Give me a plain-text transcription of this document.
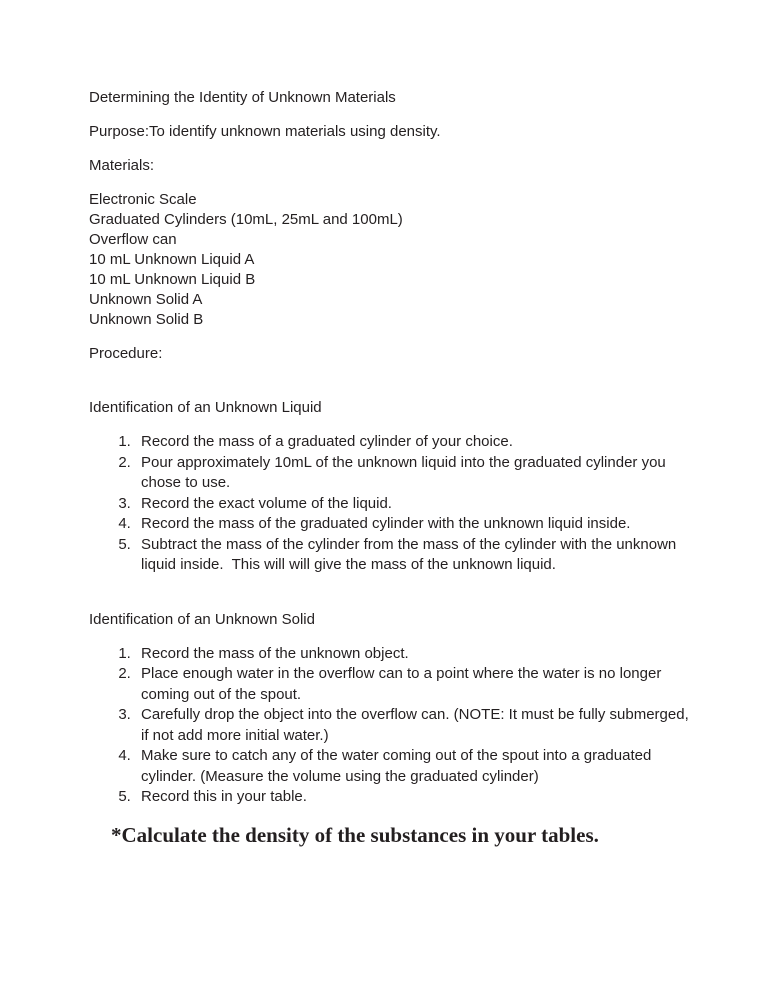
Determining the Identity of Unknown Materials

Purpose:To identify unknown materials using density.

Materials:

Electronic Scale
Graduated Cylinders (10mL, 25mL and 100mL)
Overflow can
10 mL Unknown Liquid A
10 mL Unknown Liquid B
Unknown Solid A
Unknown Solid B

Procedure:

Identification of an Unknown Liquid

1. Record the mass of a graduated cylinder of your choice.
2. Pour approximately 10mL of the unknown liquid into the graduated cylinder you chose to use.
3. Record the exact volume of the liquid.
4. Record the mass of the graduated cylinder with the unknown liquid inside.
5. Subtract the mass of the cylinder from the mass of the cylinder with the unknown liquid inside.  This will will give the mass of the unknown liquid.

Identification of an Unknown Solid

1. Record the mass of the unknown object.
2. Place enough water in the overflow can to a point where the water is no longer coming out of the spout.
3. Carefully drop the object into the overflow can. (NOTE: It must be fully submerged, if not add more initial water.)
4. Make sure to catch any of the water coming out of the spout into a graduated cylinder. (Measure the volume using the graduated cylinder)
5. Record this in your table.

*Calculate the density of the substances in your tables.
